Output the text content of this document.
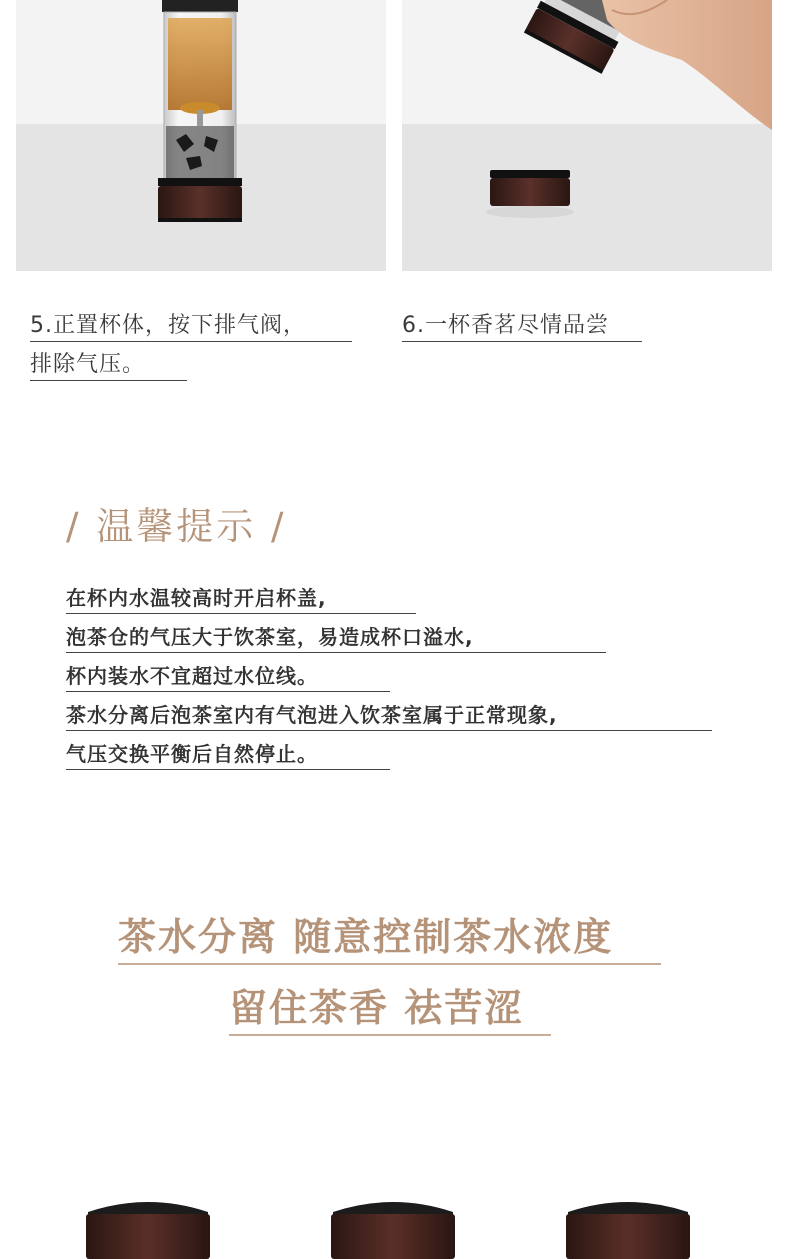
5.正置杯体，按下排气阀，
排除气压。
6.一杯香茗尽情品尝
/ 温馨提示 /
在杯内水温较高时开启杯盖,
泡茶仓的气压大于饮茶室，易造成杯口溢水,
杯内装水不宜超过水位线。
茶水分离后泡茶室内有气泡进入饮茶室属于正常现象,
气压交换平衡后自然停止。
茶水分离 随意控制茶水浓度
留住茶香 祛苦涩
